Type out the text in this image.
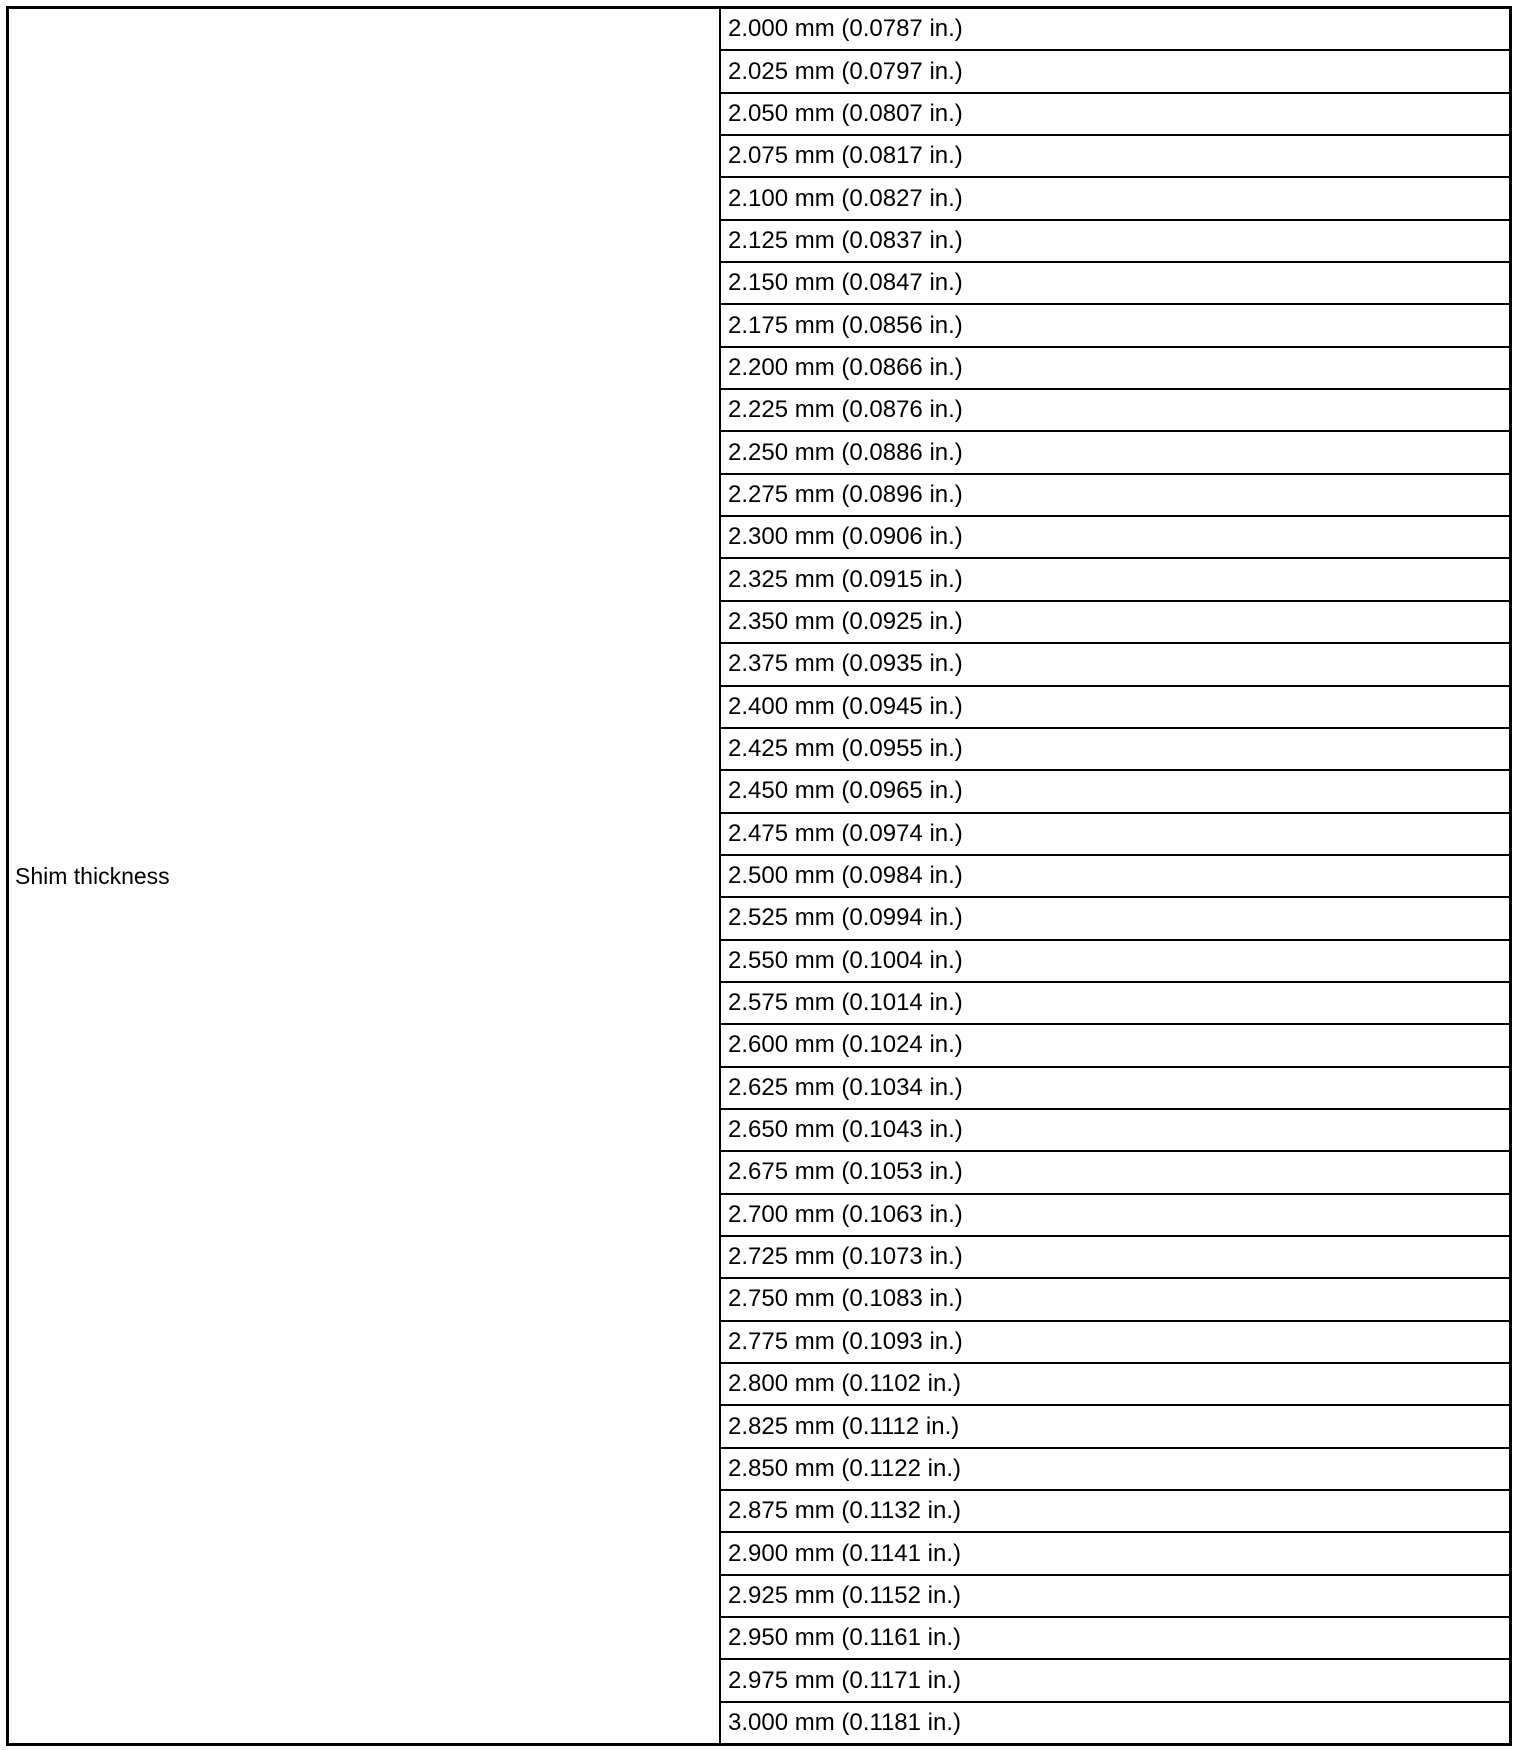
Shim thickness
2.000 mm (0.0787 in.)
2.025 mm (0.0797 in.)
2.050 mm (0.0807 in.)
2.075 mm (0.0817 in.)
2.100 mm (0.0827 in.)
2.125 mm (0.0837 in.)
2.150 mm (0.0847 in.)
2.175 mm (0.0856 in.)
2.200 mm (0.0866 in.)
2.225 mm (0.0876 in.)
2.250 mm (0.0886 in.)
2.275 mm (0.0896 in.)
2.300 mm (0.0906 in.)
2.325 mm (0.0915 in.)
2.350 mm (0.0925 in.)
2.375 mm (0.0935 in.)
2.400 mm (0.0945 in.)
2.425 mm (0.0955 in.)
2.450 mm (0.0965 in.)
2.475 mm (0.0974 in.)
2.500 mm (0.0984 in.)
2.525 mm (0.0994 in.)
2.550 mm (0.1004 in.)
2.575 mm (0.1014 in.)
2.600 mm (0.1024 in.)
2.625 mm (0.1034 in.)
2.650 mm (0.1043 in.)
2.675 mm (0.1053 in.)
2.700 mm (0.1063 in.)
2.725 mm (0.1073 in.)
2.750 mm (0.1083 in.)
2.775 mm (0.1093 in.)
2.800 mm (0.1102 in.)
2.825 mm (0.1112 in.)
2.850 mm (0.1122 in.)
2.875 mm (0.1132 in.)
2.900 mm (0.1141 in.)
2.925 mm (0.1152 in.)
2.950 mm (0.1161 in.)
2.975 mm (0.1171 in.)
3.000 mm (0.1181 in.)
